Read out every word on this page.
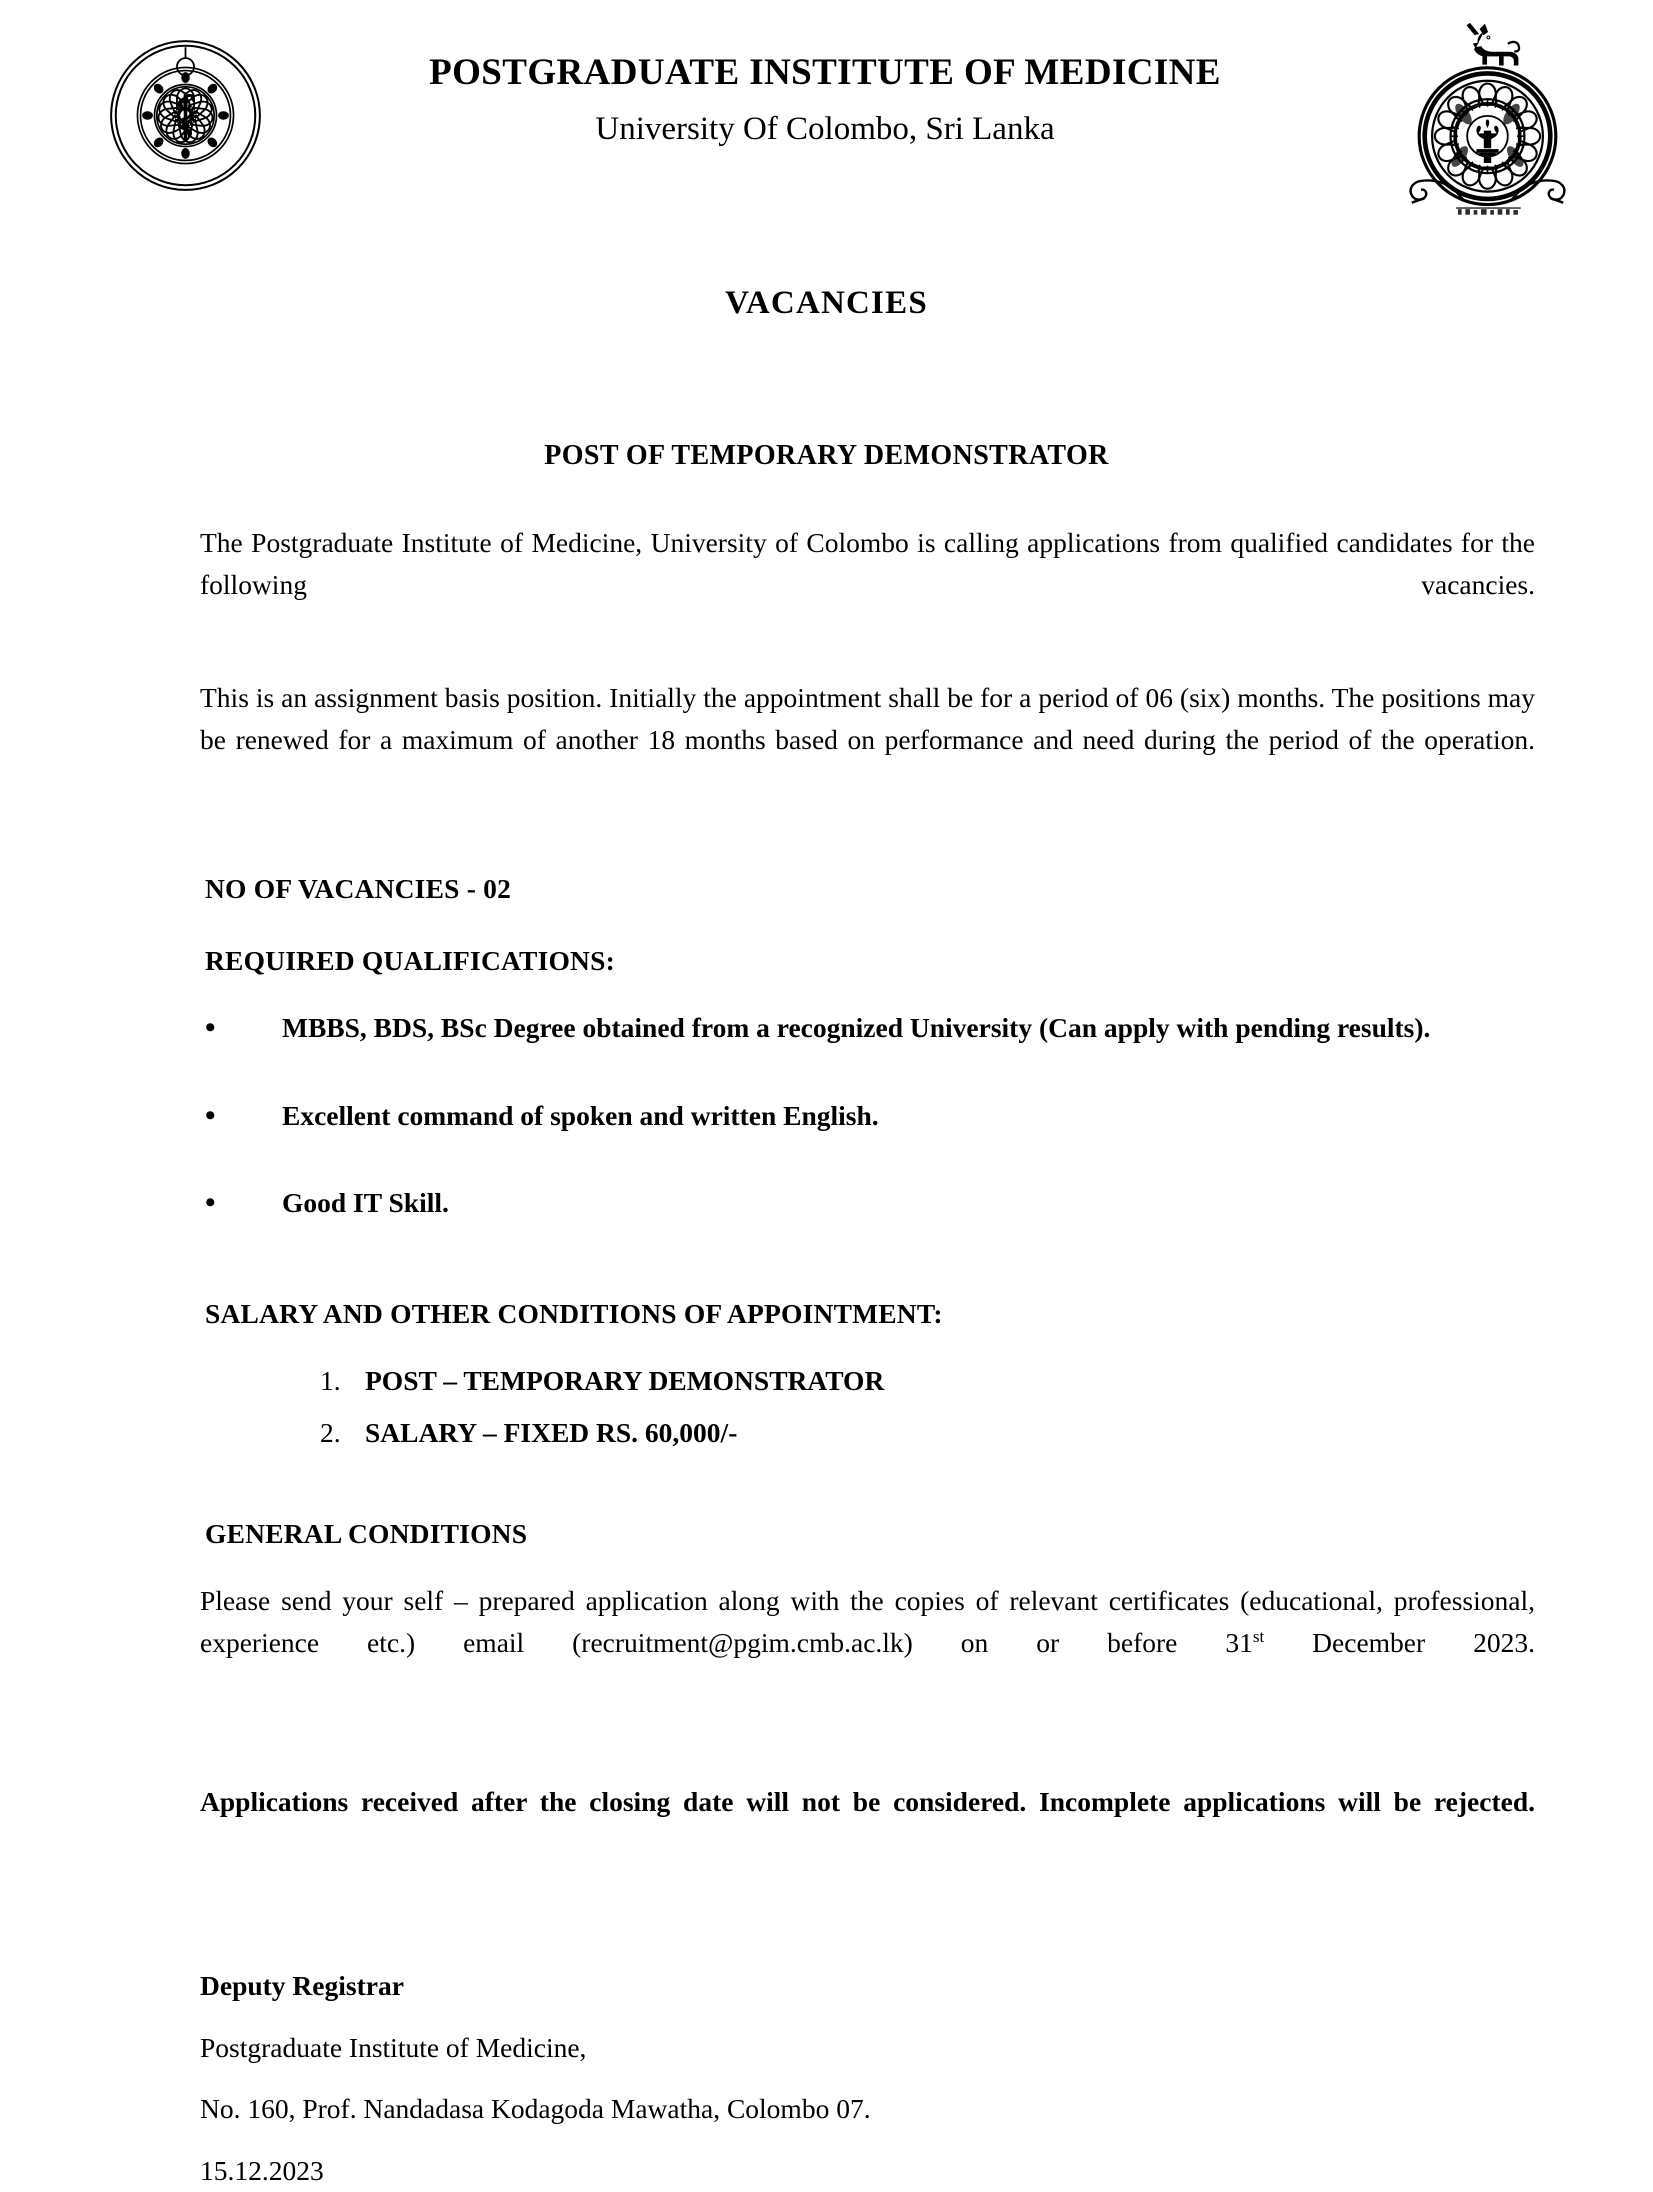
POSTGRADUATE INSTITUTE OF MEDICINE
University Of Colombo, Sri Lanka
VACANCIES
POST OF TEMPORARY DEMONSTRATOR

The Postgraduate Institute of Medicine, University of Colombo is calling applications from qualified candidates for the following vacancies.

This is an assignment basis position. Initially the appointment shall be for a period of 06 (six) months. The positions may be renewed for a maximum of another 18 months based on performance and need during the period of the operation.

NO OF VACANCIES - 02
REQUIRED QUALIFICATIONS:
• MBBS, BDS, BSc Degree obtained from a recognized University (Can apply with pending results).
• Excellent command of spoken and written English.
• Good IT Skill.
SALARY AND OTHER CONDITIONS OF APPOINTMENT:
1. POST – TEMPORARY DEMONSTRATOR
2. SALARY – FIXED RS. 60,000/-
GENERAL CONDITIONS

Please send your self – prepared application along with the copies of relevant certificates (educational, professional, experience etc.) email (recruitment@pgim.cmb.ac.lk) on or before 31st December 2023.

Applications received after the closing date will not be considered. Incomplete applications will be rejected.

Deputy Registrar
Postgraduate Institute of Medicine,
No. 160, Prof. Nandadasa Kodagoda Mawatha, Colombo 07.
15.12.2023
